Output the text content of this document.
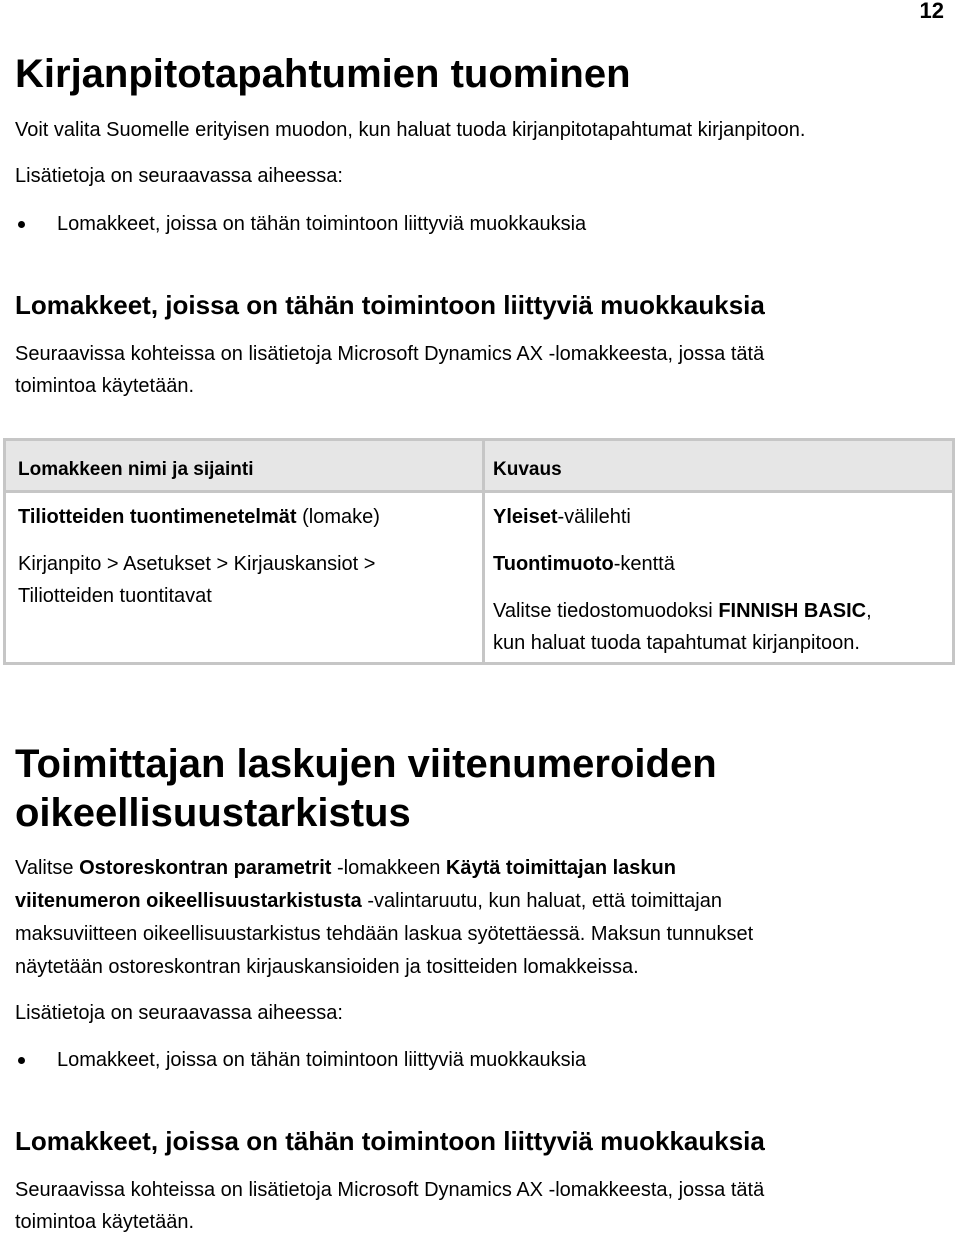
12
Kirjanpitotapahtumien tuominen

Voit valita Suomelle erityisen muodon, kun haluat tuoda kirjanpitotapahtumat kirjanpitoon.

Lisätietoja on seuraavassa aiheessa:

Lomakkeet, joissa on tähän toimintoon liittyviä muokkauksia
Lomakkeet, joissa on tähän toimintoon liittyviä muokkauksia

Seuraavissa kohteissa on lisätietoja Microsoft Dynamics AX -lomakkeesta, jossa tätä

toimintoa käytetään.

Lomakkeen nimi ja sijainti	Kuvaus
Tiliotteiden tuontimenetelmät (lomake)
Kirjanpito > Asetukset > Kirjauskansiot >
Tiliotteiden tuontitavat
Yleiset-välilehti
Tuontimuoto-kenttä
Valitse tiedostomuodoksi FINNISH BASIC,
kun haluat tuoda tapahtumat kirjanpitoon.
Toimittajan laskujen viitenumeroiden
oikeellisuustarkistus

Valitse Ostoreskontran parametrit -lomakkeen Käytä toimittajan laskun

viitenumeron oikeellisuustarkistusta -valintaruutu, kun haluat, että toimittajan

maksuviitteen oikeellisuustarkistus tehdään laskua syötettäessä. Maksun tunnukset

näytetään ostoreskontran kirjauskansioiden ja tositteiden lomakkeissa.

Lisätietoja on seuraavassa aiheessa:

Lomakkeet, joissa on tähän toimintoon liittyviä muokkauksia
Lomakkeet, joissa on tähän toimintoon liittyviä muokkauksia

Seuraavissa kohteissa on lisätietoja Microsoft Dynamics AX -lomakkeesta, jossa tätä

toimintoa käytetään.
